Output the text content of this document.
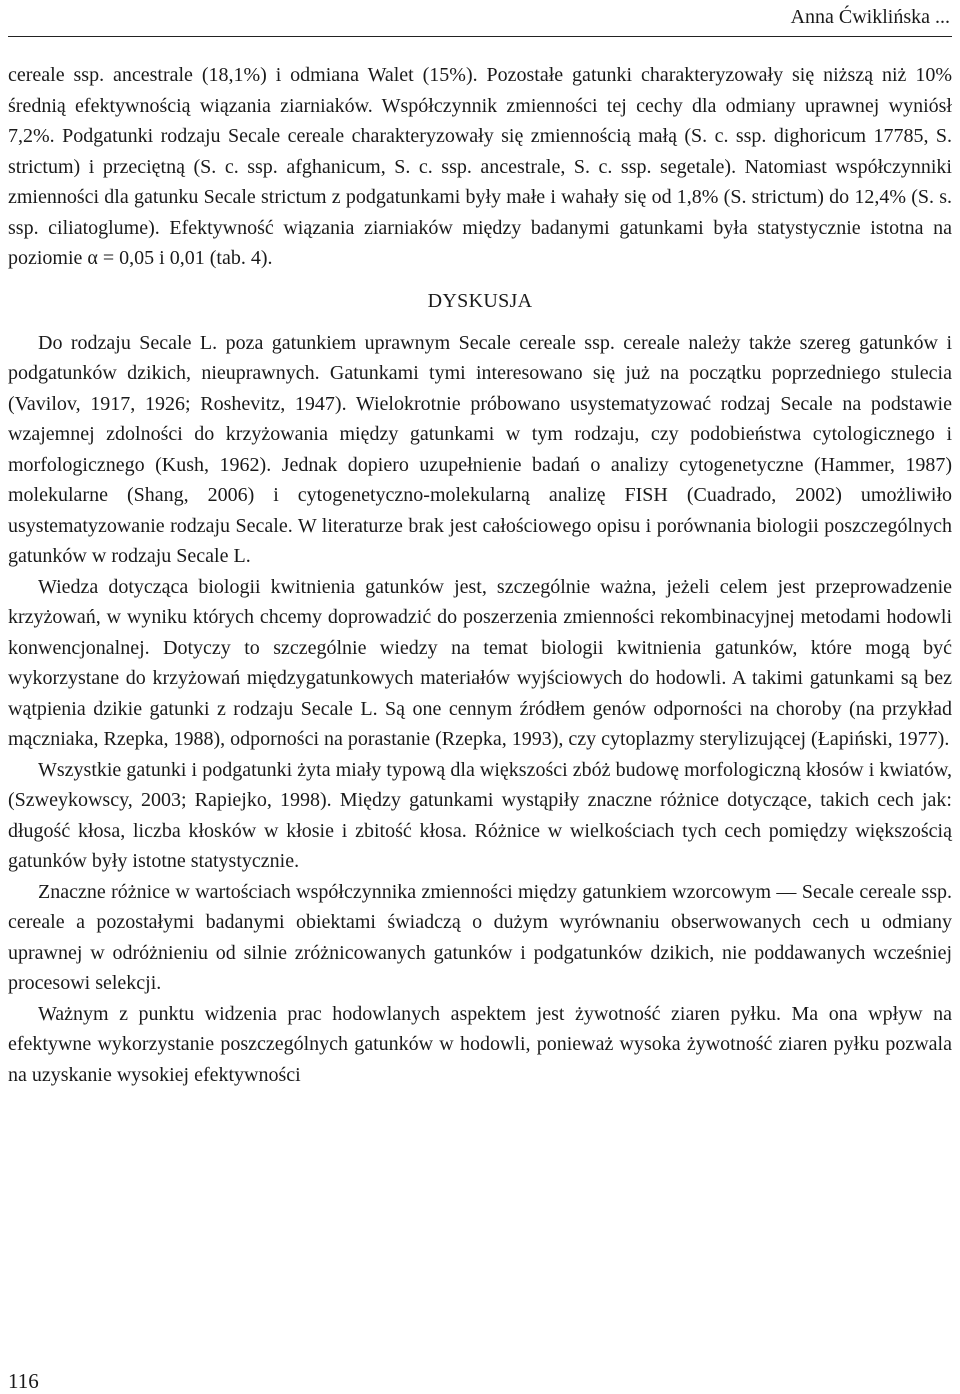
Anna Ćwiklińska ...

cereale ssp. ancestrale (18,1%) i odmiana Walet (15%). Pozostałe gatunki charakteryzowały się niższą niż 10% średnią efektywnością wiązania ziarniaków. Współczynnik zmienności tej cechy dla odmiany uprawnej wyniósł 7,2%. Podgatunki rodzaju Secale cereale charakteryzowały się zmiennością małą (S. c. ssp. dighoricum 17785, S. strictum) i przeciętną (S. c. ssp. afghanicum, S. c. ssp. ancestrale, S. c. ssp. segetale). Natomiast współczynniki zmienności dla gatunku Secale strictum z podgatunkami były małe i wahały się od 1,8% (S. strictum) do 12,4% (S. s. ssp. ciliatoglume). Efektywność wiązania ziarniaków między badanymi gatunkami była statystycznie istotna na poziomie α = 0,05 i 0,01 (tab. 4).

DYSKUSJA

Do rodzaju Secale L. poza gatunkiem uprawnym Secale cereale ssp. cereale należy także szereg gatunków i podgatunków dzikich, nieuprawnych. Gatunkami tymi interesowano się już na początku poprzedniego stulecia (Vavilov, 1917, 1926; Roshevitz, 1947). Wielokrotnie próbowano usystematyzować rodzaj Secale na podstawie wzajemnej zdolności do krzyżowania między gatunkami w tym rodzaju, czy podobieństwa cytologicznego i morfologicznego (Kush, 1962). Jednak dopiero uzupełnienie badań o analizy cytogenetyczne (Hammer, 1987) molekularne (Shang, 2006) i cytogenetyczno-molekularną analizę FISH (Cuadrado, 2002) umożliwiło usystematyzowanie rodzaju Secale. W literaturze brak jest całościowego opisu i porównania biologii poszczególnych gatunków w rodzaju Secale L.

Wiedza dotycząca biologii kwitnienia gatunków jest, szczególnie ważna, jeżeli celem jest przeprowadzenie krzyżowań, w wyniku których chcemy doprowadzić do poszerzenia zmienności rekombinacyjnej metodami hodowli konwencjonalnej. Dotyczy to szczególnie wiedzy na temat biologii kwitnienia gatunków, które mogą być wykorzystane do krzyżowań międzygatunkowych materiałów wyjściowych do hodowli. A takimi gatunkami są bez wątpienia dzikie gatunki z rodzaju Secale L. Są one cennym źródłem genów odporności na choroby (na przykład mączniaka, Rzepka, 1988), odporności na porastanie (Rzepka, 1993), czy cytoplazmy sterylizującej (Łapiński, 1977).

Wszystkie gatunki i podgatunki żyta miały typową dla większości zbóż budowę morfologiczną kłosów i kwiatów, (Szweykowscy, 2003; Rapiejko, 1998). Między gatunkami wystąpiły znaczne różnice dotyczące, takich cech jak: długość kłosa, liczba kłosków w kłosie i zbitość kłosa. Różnice w wielkościach tych cech pomiędzy większością gatunków były istotne statystycznie.

Znaczne różnice w wartościach współczynnika zmienności między gatunkiem wzorcowym — Secale cereale ssp. cereale a pozostałymi badanymi obiektami świadczą o dużym wyrównaniu obserwowanych cech u odmiany uprawnej w odróżnieniu od silnie zróżnicowanych gatunków i podgatunków dzikich, nie poddawanych wcześniej procesowi selekcji.

Ważnym z punktu widzenia prac hodowlanych aspektem jest żywotność ziaren pyłku. Ma ona wpływ na efektywne wykorzystanie poszczególnych gatunków w hodowli, ponieważ wysoka żywotność ziaren pyłku pozwala na uzyskanie wysokiej efektywności

116
